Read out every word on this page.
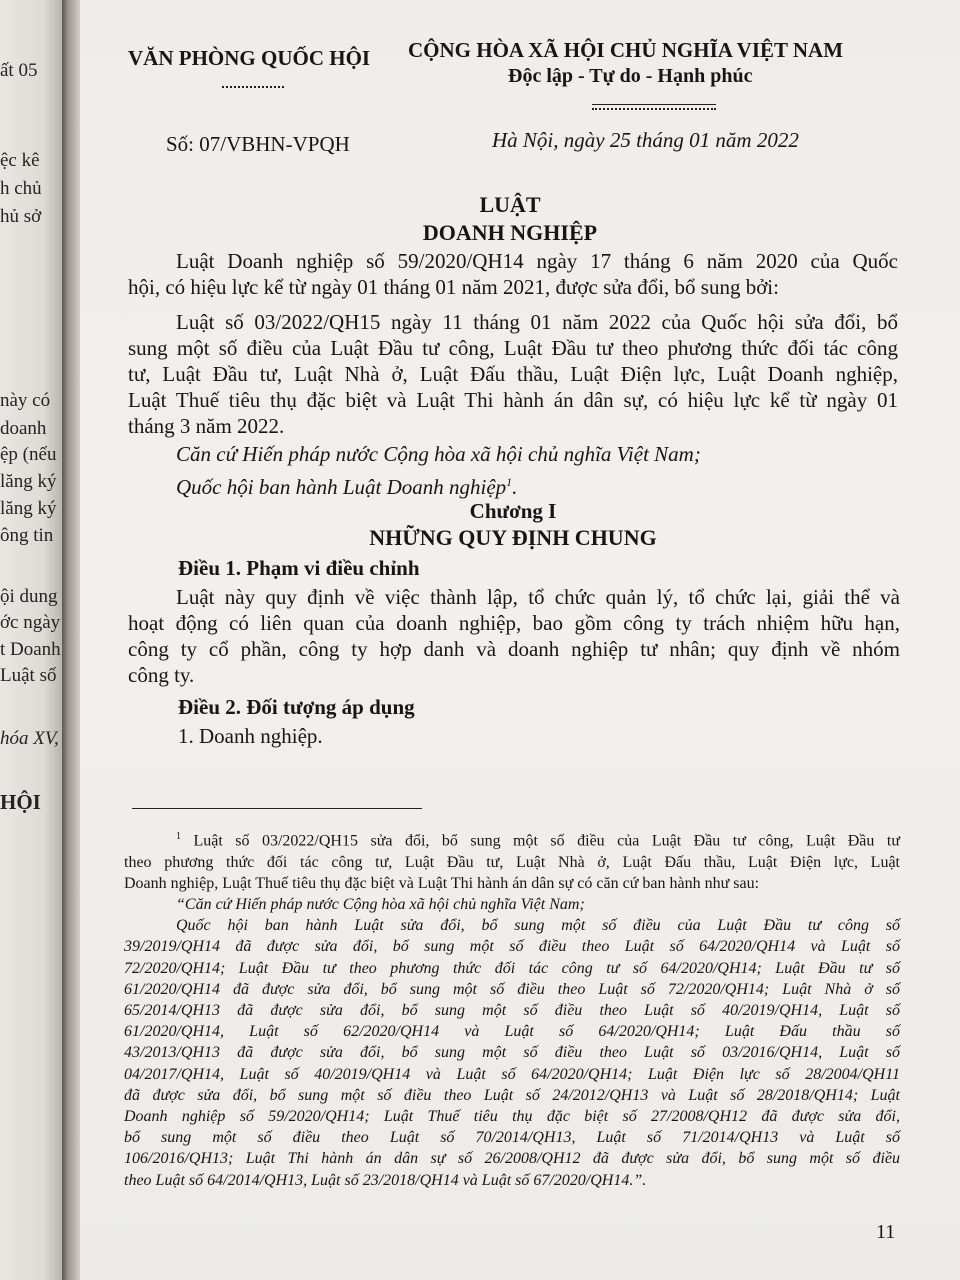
ất 05
ệc kê
h chủ
hủ sở
này có
doanh
ệp (nếu
lăng ký
lăng ký
ông tin
ội dung
ớc ngày
t Doanh
Luật số
hóa XV,
HỘI
VĂN PHÒNG QUỐC HỘI CỘNG HÒA XÃ HỘI CHỦ NGHĨA VIỆT NAM
Độc lập - Tự do - Hạnh phúc
Số: 07/VBHN-VPQH	Hà Nội, ngày 25 tháng 01 năm 2022
LUẬT
DOANH NGHIỆP
Luật Doanh nghiệp số 59/2020/QH14 ngày 17 tháng 6 năm 2020 của Quốc
hội, có hiệu lực kể từ ngày 01 tháng 01 năm 2021, được sửa đổi, bổ sung bởi:
Luật số 03/2022/QH15 ngày 11 tháng 01 năm 2022 của Quốc hội sửa đổi, bổ
sung một số điều của Luật Đầu tư công, Luật Đầu tư theo phương thức đối tác công
tư, Luật Đầu tư, Luật Nhà ở, Luật Đấu thầu, Luật Điện lực, Luật Doanh nghiệp,
Luật Thuế tiêu thụ đặc biệt và Luật Thi hành án dân sự, có hiệu lực kể từ ngày 01
tháng 3 năm 2022.
Căn cứ Hiến pháp nước Cộng hòa xã hội chủ nghĩa Việt Nam;
Quốc hội ban hành Luật Doanh nghiệp$^1$.
Chương I
NHỮNG QUY ĐỊNH CHUNG
Điều 1. Phạm vi điều chỉnh
Luật này quy định về việc thành lập, tổ chức quản lý, tổ chức lại, giải thể và
hoạt động có liên quan của doanh nghiệp, bao gồm công ty trách nhiệm hữu hạn,
công ty cổ phần, công ty hợp danh và doanh nghiệp tư nhân; quy định về nhóm
công ty.
Điều 2. Đối tượng áp dụng
1. Doanh nghiệp.
$^1$ Luật số 03/2022/QH15 sửa đổi, bổ sung một số điều của Luật Đầu tư công, Luật Đầu tư
theo phương thức đối tác công tư, Luật Đầu tư, Luật Nhà ở, Luật Đấu thầu, Luật Điện lực, Luật
Doanh nghiệp, Luật Thuế tiêu thụ đặc biệt và Luật Thi hành án dân sự có căn cứ ban hành như sau:
“Căn cứ Hiến pháp nước Cộng hòa xã hội chủ nghĩa Việt Nam;
Quốc hội ban hành Luật sửa đổi, bổ sung một số điều của Luật Đầu tư công số
39/2019/QH14 đã được sửa đổi, bổ sung một số điều theo Luật số 64/2020/QH14 và Luật số
72/2020/QH14; Luật Đầu tư theo phương thức đối tác công tư số 64/2020/QH14; Luật Đầu tư số
61/2020/QH14 đã được sửa đổi, bổ sung một số điều theo Luật số 72/2020/QH14; Luật Nhà ở số
65/2014/QH13 đã được sửa đổi, bổ sung một số điều theo Luật số 40/2019/QH14, Luật số
61/2020/QH14, Luật số 62/2020/QH14 và Luật số 64/2020/QH14; Luật Đấu thầu số
43/2013/QH13 đã được sửa đổi, bổ sung một số điều theo Luật số 03/2016/QH14, Luật số
04/2017/QH14, Luật số 40/2019/QH14 và Luật số 64/2020/QH14; Luật Điện lực số 28/2004/QH11
đã được sửa đổi, bổ sung một số điều theo Luật số 24/2012/QH13 và Luật số 28/2018/QH14; Luật
Doanh nghiệp số 59/2020/QH14; Luật Thuế tiêu thụ đặc biệt số 27/2008/QH12 đã được sửa đổi,
bổ sung một số điều theo Luật số 70/2014/QH13, Luật số 71/2014/QH13 và Luật số
106/2016/QH13; Luật Thi hành án dân sự số 26/2008/QH12 đã được sửa đổi, bổ sung một số điều
theo Luật số 64/2014/QH13, Luật số 23/2018/QH14 và Luật số 67/2020/QH14.”.
11
